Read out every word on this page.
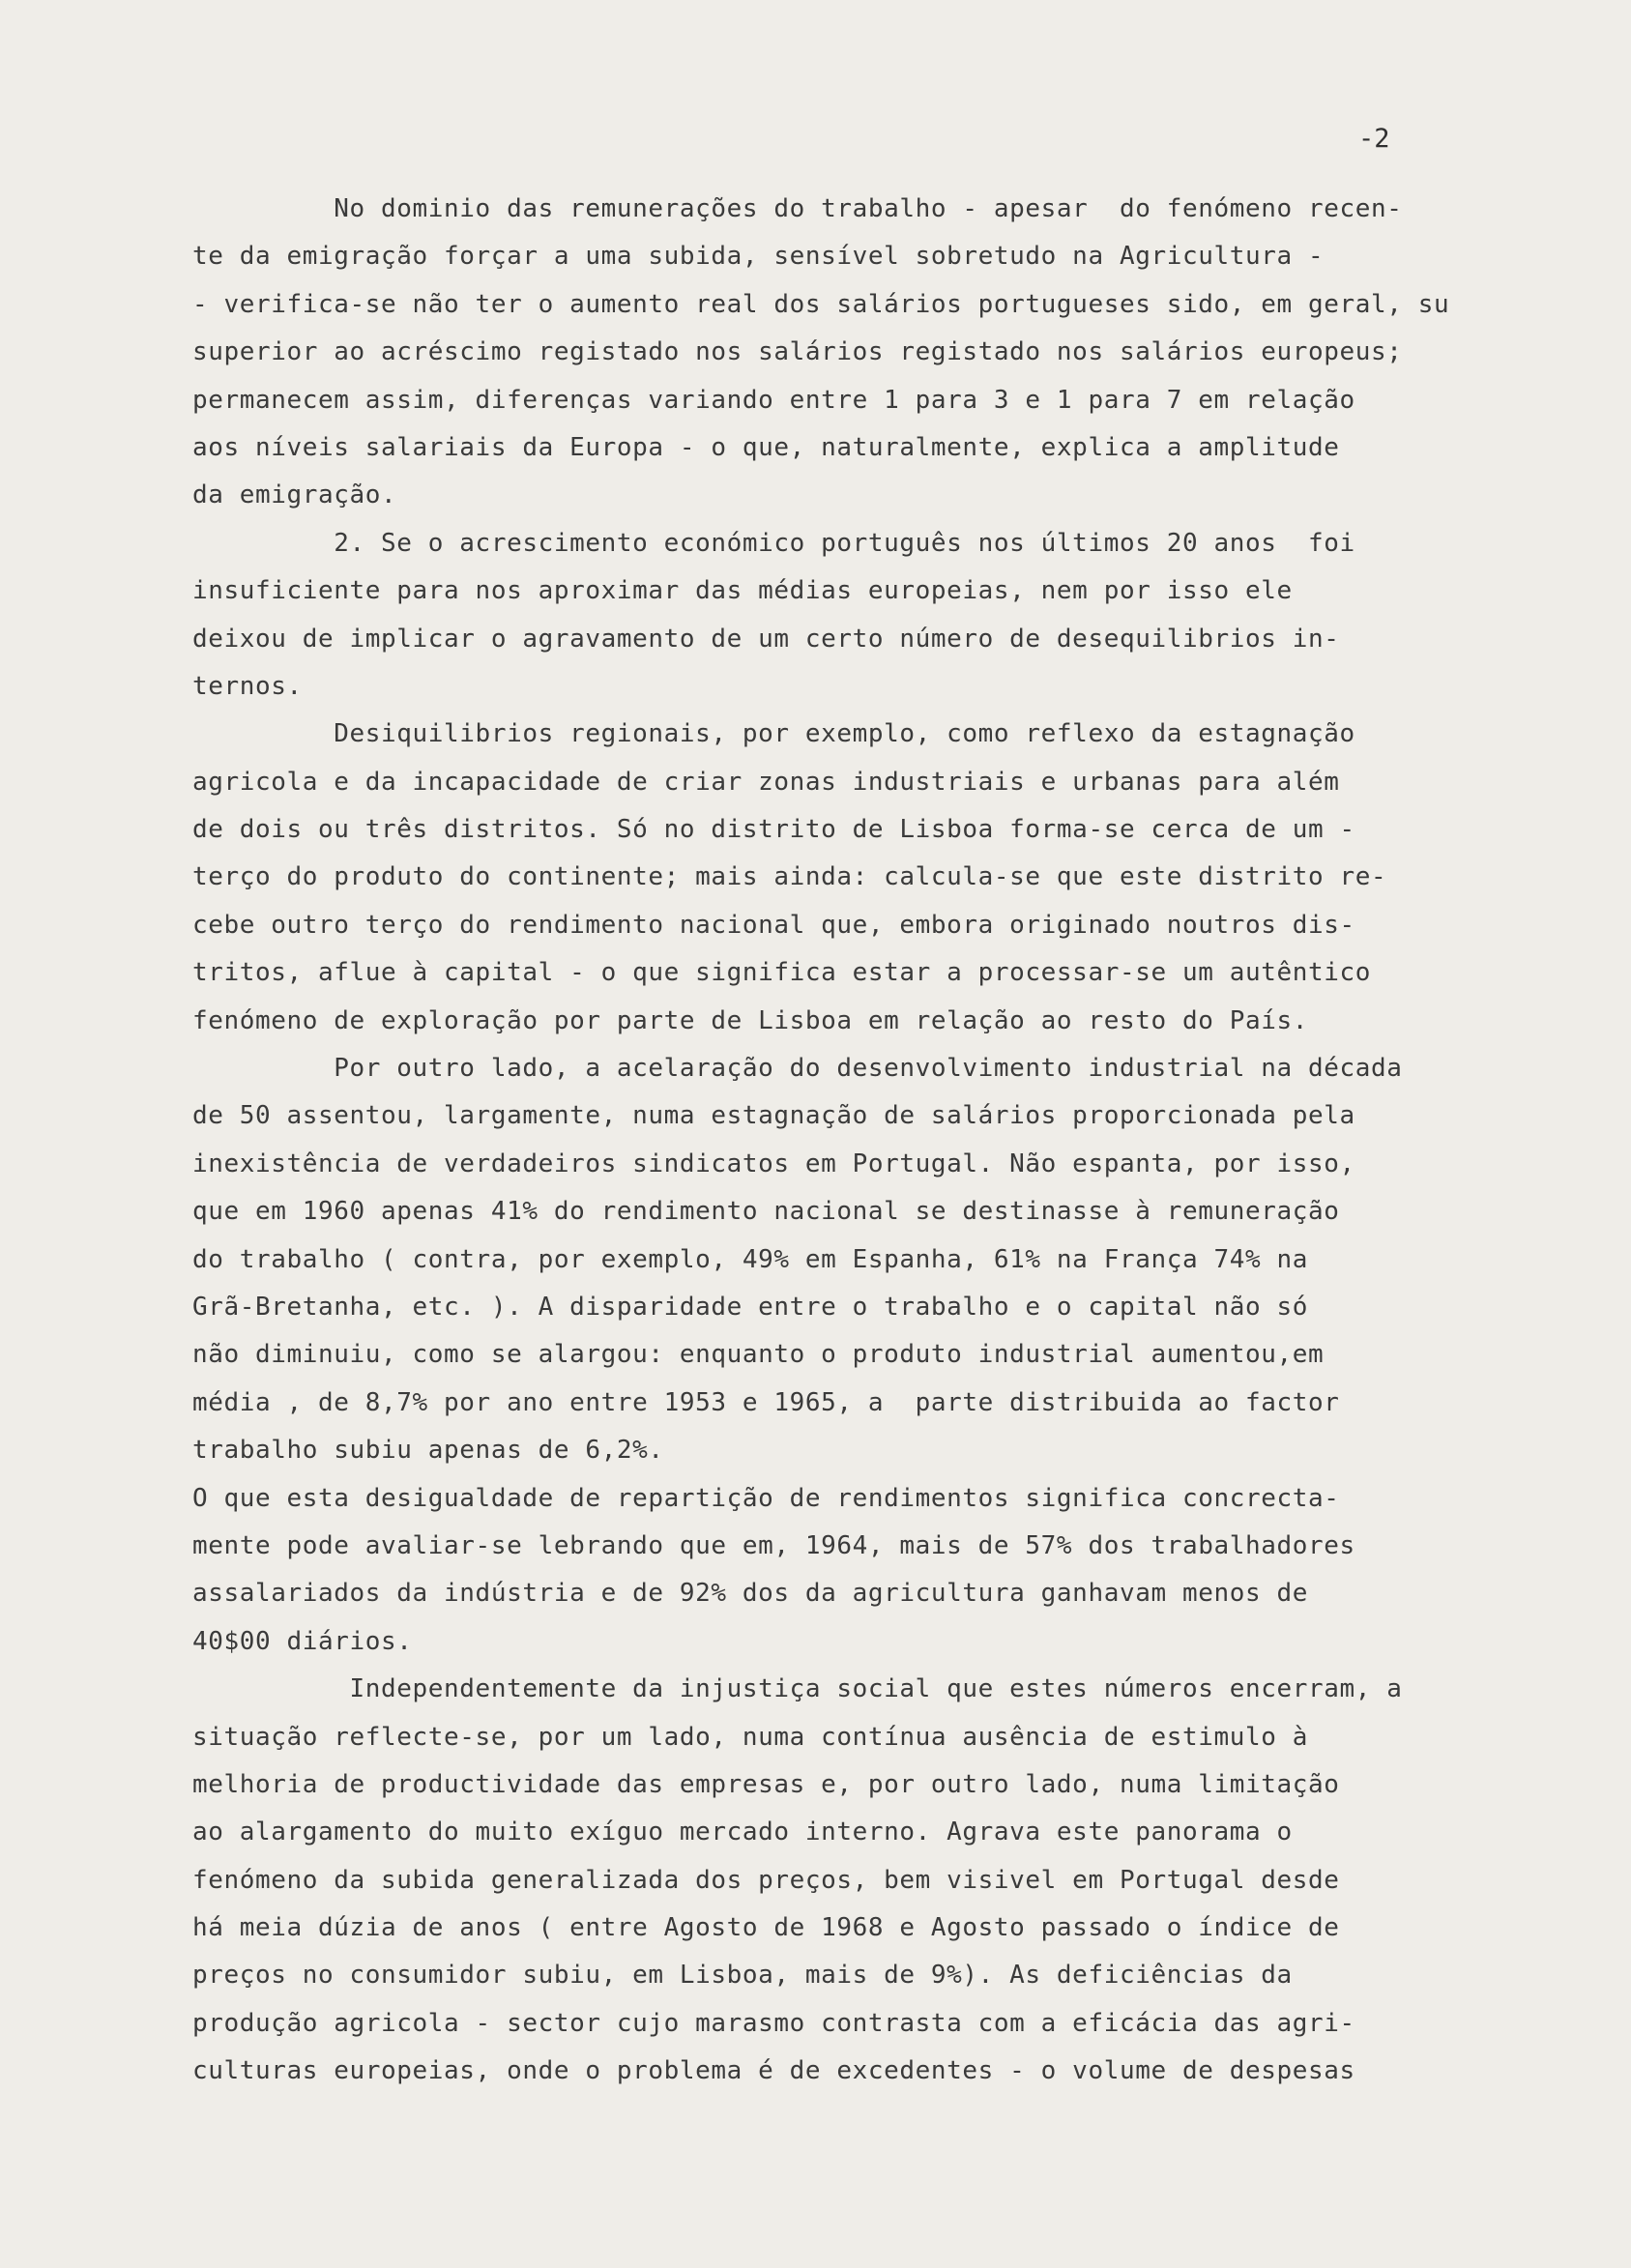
-2
No dominio das remunerações do trabalho - apesar  do fenómeno recen-
te da emigração forçar a uma subida, sensível sobretudo na Agricultura -
- verifica-se não ter o aumento real dos salários portugueses sido, em geral, su
superior ao acréscimo registado nos salários registado nos salários europeus;
permanecem assim, diferenças variando entre 1 para 3 e 1 para 7 em relação
aos níveis salariais da Europa - o que, naturalmente, explica a amplitude
da emigração.
2. Se o acrescimento económico português nos últimos 20 anos  foi
insuficiente para nos aproximar das médias europeias, nem por isso ele
deixou de implicar o agravamento de um certo número de desequilibrios in-
ternos.
Desiquilibrios regionais, por exemplo, como reflexo da estagnação
agricola e da incapacidade de criar zonas industriais e urbanas para além
de dois ou três distritos. Só no distrito de Lisboa forma-se cerca de um -
terço do produto do continente; mais ainda: calcula-se que este distrito re-
cebe outro terço do rendimento nacional que, embora originado noutros dis-
tritos, aflue à capital - o que significa estar a processar-se um autêntico
fenómeno de exploração por parte de Lisboa em relação ao resto do País.
Por outro lado, a acelaração do desenvolvimento industrial na década
de 50 assentou, largamente, numa estagnação de salários proporcionada pela
inexistência de verdadeiros sindicatos em Portugal. Não espanta, por isso,
que em 1960 apenas 41% do rendimento nacional se destinasse à remuneração
do trabalho ( contra, por exemplo, 49% em Espanha, 61% na França 74% na
Grã-Bretanha, etc. ). A disparidade entre o trabalho e o capital não só
não diminuiu, como se alargou: enquanto o produto industrial aumentou,em
média , de 8,7% por ano entre 1953 e 1965, a  parte distribuida ao factor
trabalho subiu apenas de 6,2%.
O que esta desigualdade de repartição de rendimentos significa concrecta-
mente pode avaliar-se lebrando que em, 1964, mais de 57% dos trabalhadores
assalariados da indústria e de 92% dos da agricultura ganhavam menos de
40$00 diários.
Independentemente da injustiça social que estes números encerram, a
situação reflecte-se, por um lado, numa contínua ausência de estimulo à
melhoria de productividade das empresas e, por outro lado, numa limitação
ao alargamento do muito exíguo mercado interno. Agrava este panorama o
fenómeno da subida generalizada dos preços, bem visivel em Portugal desde
há meia dúzia de anos ( entre Agosto de 1968 e Agosto passado o índice de
preços no consumidor subiu, em Lisboa, mais de 9%). As deficiências da
produção agricola - sector cujo marasmo contrasta com a eficácia das agri-
culturas europeias, onde o problema é de excedentes - o volume de despesas
